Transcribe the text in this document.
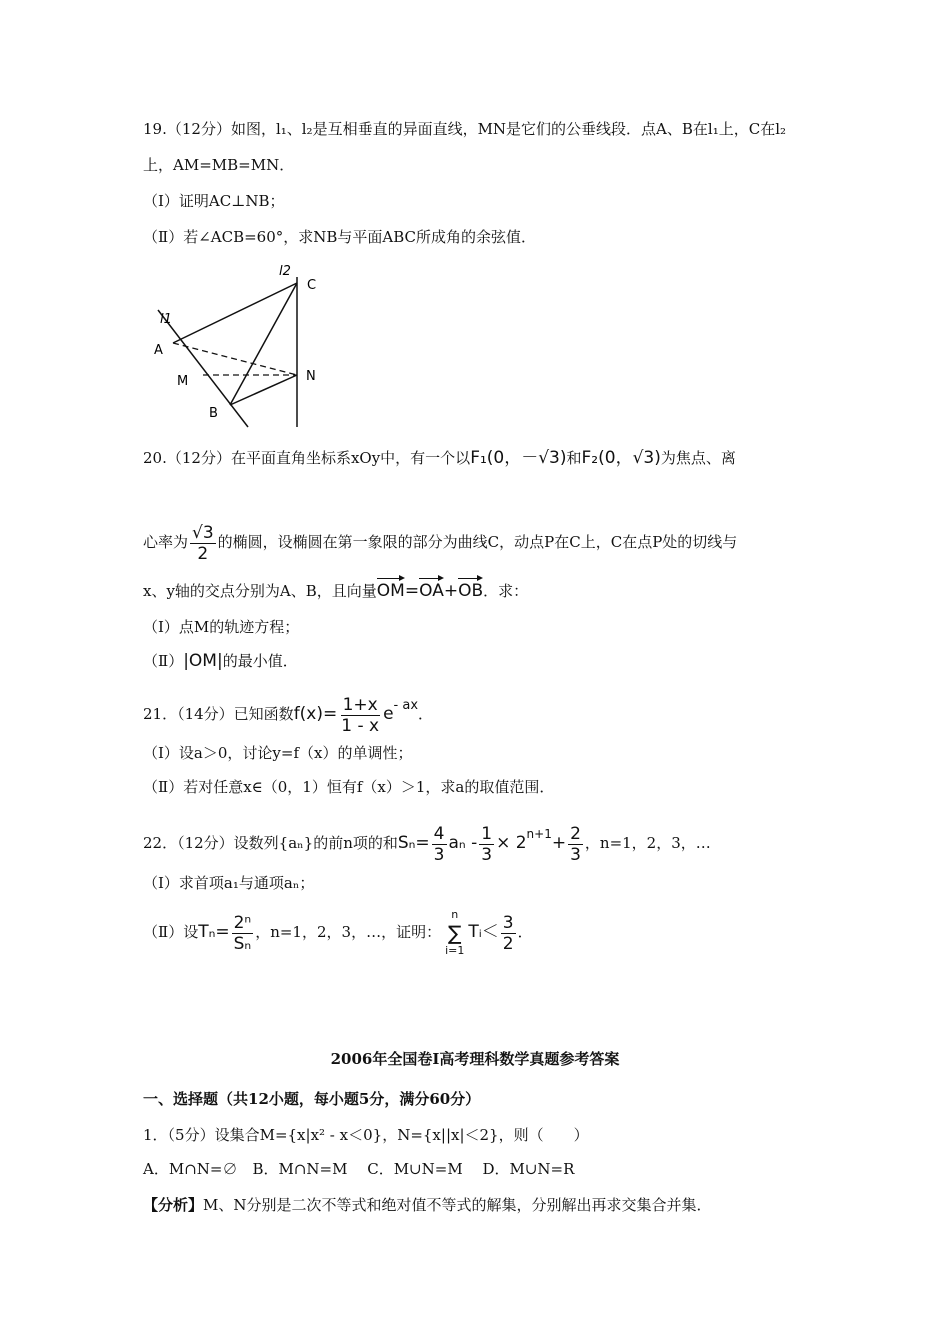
19.（12分）如图，l₁、l₂是互相垂直的异面直线，MN是它们的公垂线段．点A、B在l₁上，C在l₂
上，AM=MB=MN．
（Ⅰ）证明AC⊥NB；
（Ⅱ）若∠ACB=60°，求NB与平面ABC所成角的余弦值．
l2
l1
C
A
M	N
B
20.（12分）在平面直角坐标系xOy中，有一个以F₁(0，－√3)和F₂(0，√3)为焦点、离
心率为 $\frac{√3}{2}$ 的椭圆，设椭圆在第一象限的部分为曲线C，动点P在C上，C在点P处的切线与
x、y轴的交点分别为A、B，且向量OM=OA+OB．求：
（Ⅰ）点M的轨迹方程；
（Ⅱ）|OM|的最小值．
21．（14分）已知函数$f(x)= \frac{1+x}{1 - x} e^{- ax}$．
（Ⅰ）设a＞0，讨论y=f（x）的单调性；
（Ⅱ）若对任意x∈（0，1）恒有f（x）＞1，求a的取值范围．
22．（12分）设数列{aₙ}的前n项的和$S_n= \frac{4}{3}$ $a_n - \frac{1}{3} \times 2^{n+1}+ \frac{2}{3}$ ，n=1，2，3，…
（Ⅰ）求首项a₁与通项aₙ；
（Ⅱ）设$T_n= \frac{\text{2ⁿ}}{\text{Sₙ}}$ ，n=1，2，3，…，证明：
n
∑
i=1
Tᵢ＜ $\frac{3}{2}$ ．
2006年全国卷Ⅰ高考理科数学真题参考答案
一、选择题（共12小题，每小题5分，满分60分）
1．（5分）设集合M={x|x² - x＜0}，N={x||x|＜2}，则（　　）
A．M∩N=∅　B．M∩N=M　 C．M∪N=M　 D．M∪N=R
【分析】M、N分别是二次不等式和绝对值不等式的解集，分别解出再求交集合并集．
